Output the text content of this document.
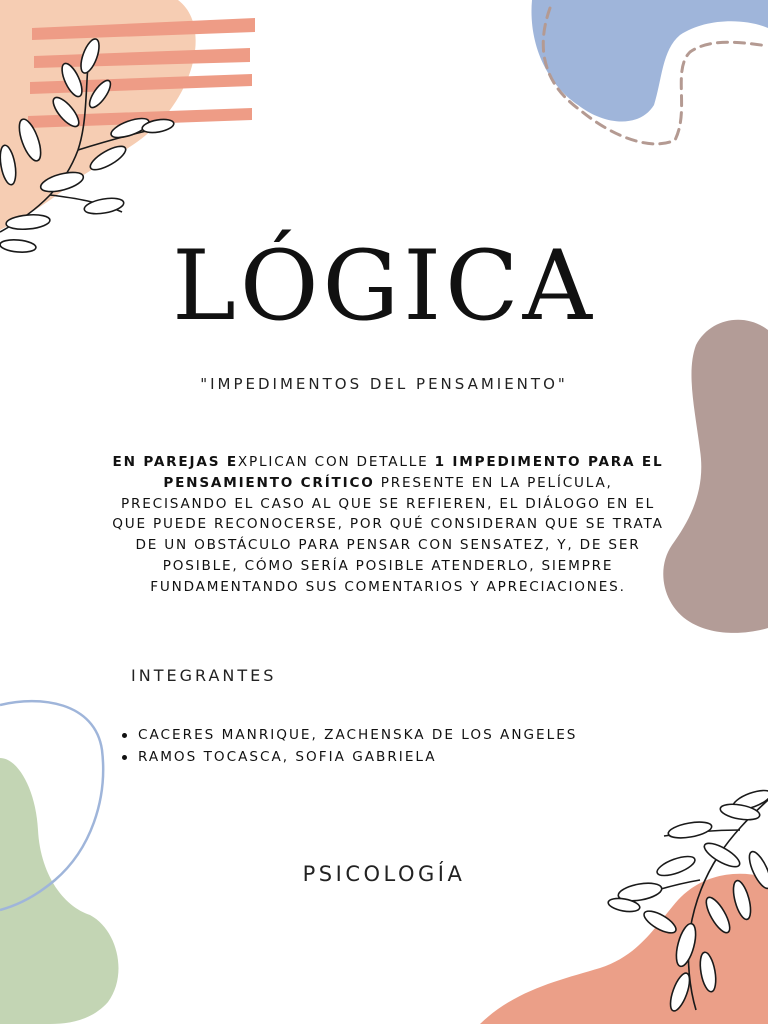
LÓGICA
"IMPEDIMENTOS DEL PENSAMIENTO"
EN PAREJAS EXPLICAN CON DETALLE 1 IMPEDIMENTO PARA EL PENSAMIENTO CRÍTICO PRESENTE EN LA PELÍCULA, PRECISANDO EL CASO AL QUE SE REFIEREN, EL DIÁLOGO EN EL QUE PUEDE RECONOCERSE, POR QUÉ CONSIDERAN QUE SE TRATA DE UN OBSTÁCULO PARA PENSAR CON SENSATEZ, Y, DE SER POSIBLE, CÓMO SERÍA POSIBLE ATENDERLO, SIEMPRE FUNDAMENTANDO SUS COMENTARIOS Y APRECIACIONES.
INTEGRANTES
CACERES MANRIQUE, ZACHENSKA DE LOS ANGELES
RAMOS TOCASCA, SOFIA GABRIELA
PSICOLOGÍA
